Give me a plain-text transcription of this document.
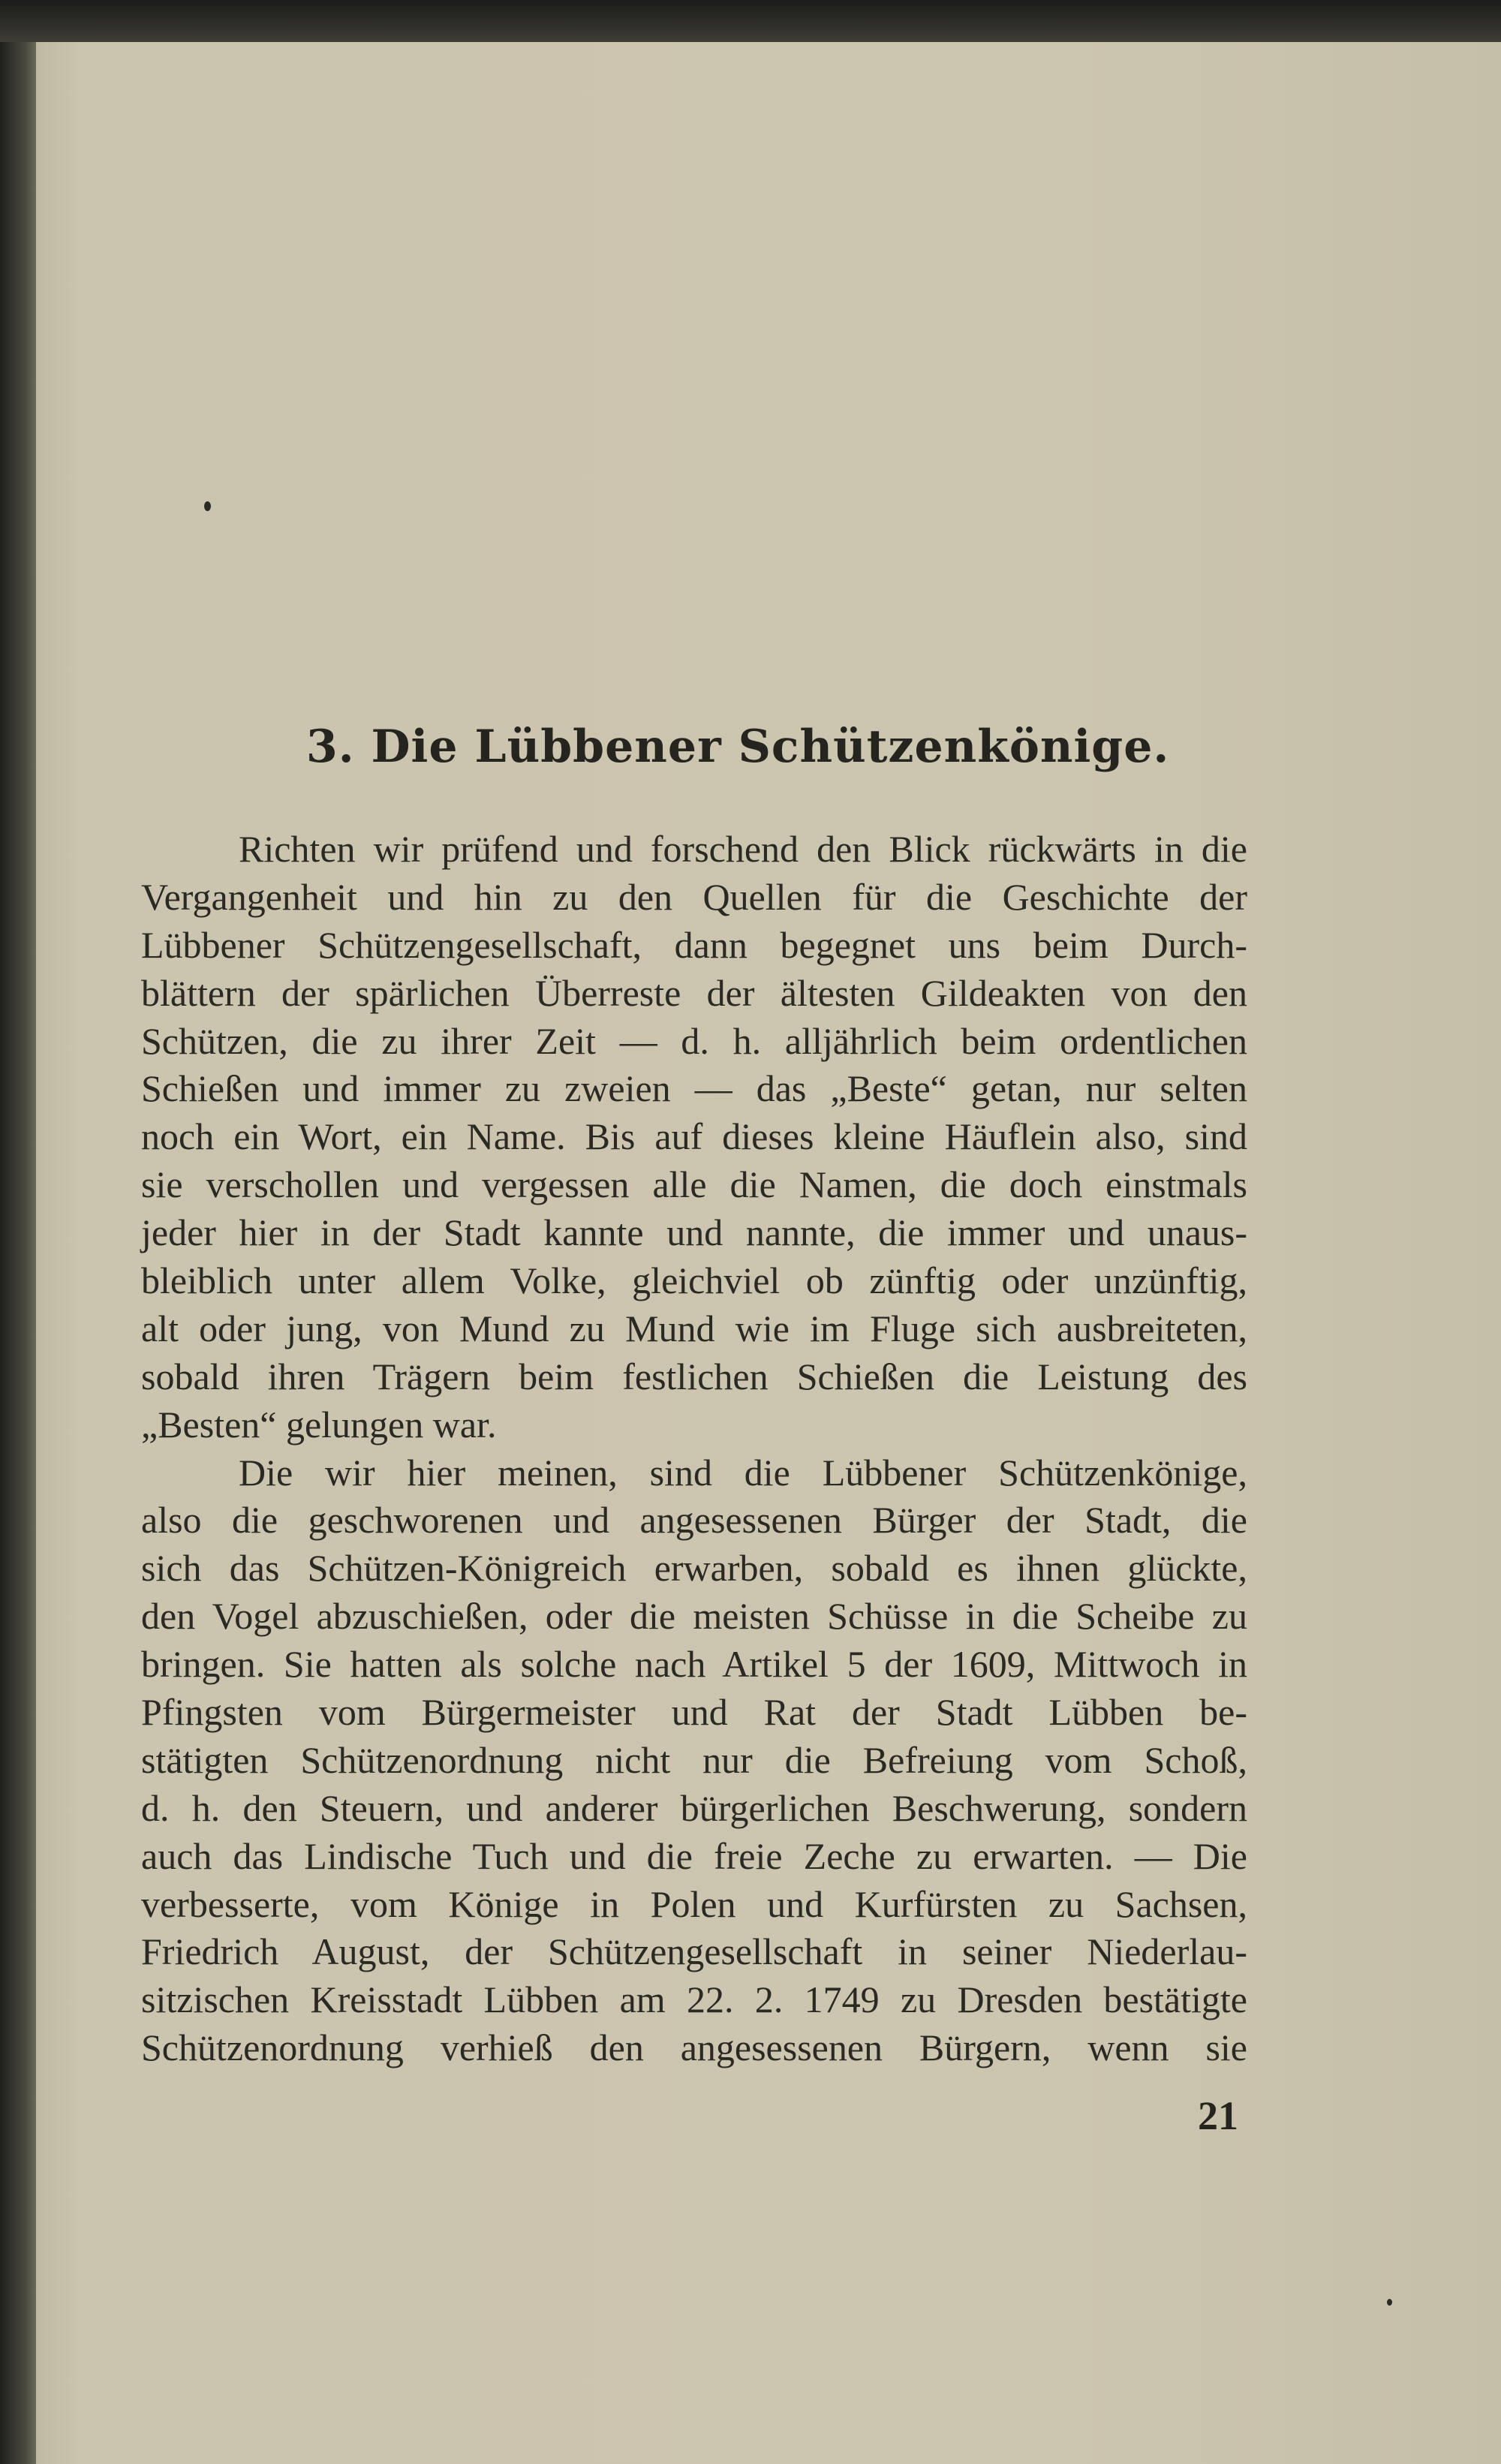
3. Die Lübbener Schützenkönige.
Richten wir prüfend und forschend den Blick rückwärts in die
Vergangenheit und hin zu den Quellen für die Geschichte der
Lübbener Schützengesellschaft, dann begegnet uns beim Durch-
blättern der spärlichen Überreste der ältesten Gildeakten von den
Schützen, die zu ihrer Zeit — d. h. alljährlich beim ordentlichen
Schießen und immer zu zweien — das „Beste“ getan, nur selten
noch ein Wort, ein Name. Bis auf dieses kleine Häuflein also, sind
sie verschollen und vergessen alle die Namen, die doch einstmals
jeder hier in der Stadt kannte und nannte, die immer und unaus-
bleiblich unter allem Volke, gleichviel ob zünftig oder unzünftig,
alt oder jung, von Mund zu Mund wie im Fluge sich ausbreiteten,
sobald ihren Trägern beim festlichen Schießen die Leistung des
„Besten“ gelungen war.
Die wir hier meinen, sind die Lübbener Schützenkönige,
also die geschworenen und angesessenen Bürger der Stadt, die
sich das Schützen-Königreich erwarben, sobald es ihnen glückte,
den Vogel abzuschießen, oder die meisten Schüsse in die Scheibe zu
bringen. Sie hatten als solche nach Artikel 5 der 1609, Mittwoch in
Pfingsten vom Bürgermeister und Rat der Stadt Lübben be-
stätigten Schützenordnung nicht nur die Befreiung vom Schoß,
d. h. den Steuern, und anderer bürgerlichen Beschwerung, sondern
auch das Lindische Tuch und die freie Zeche zu erwarten. — Die
verbesserte, vom Könige in Polen und Kurfürsten zu Sachsen,
Friedrich August, der Schützengesellschaft in seiner Niederlau-
sitzischen Kreisstadt Lübben am 22. 2. 1749 zu Dresden bestätigte
Schützenordnung verhieß den angesessenen Bürgern, wenn sie
21
